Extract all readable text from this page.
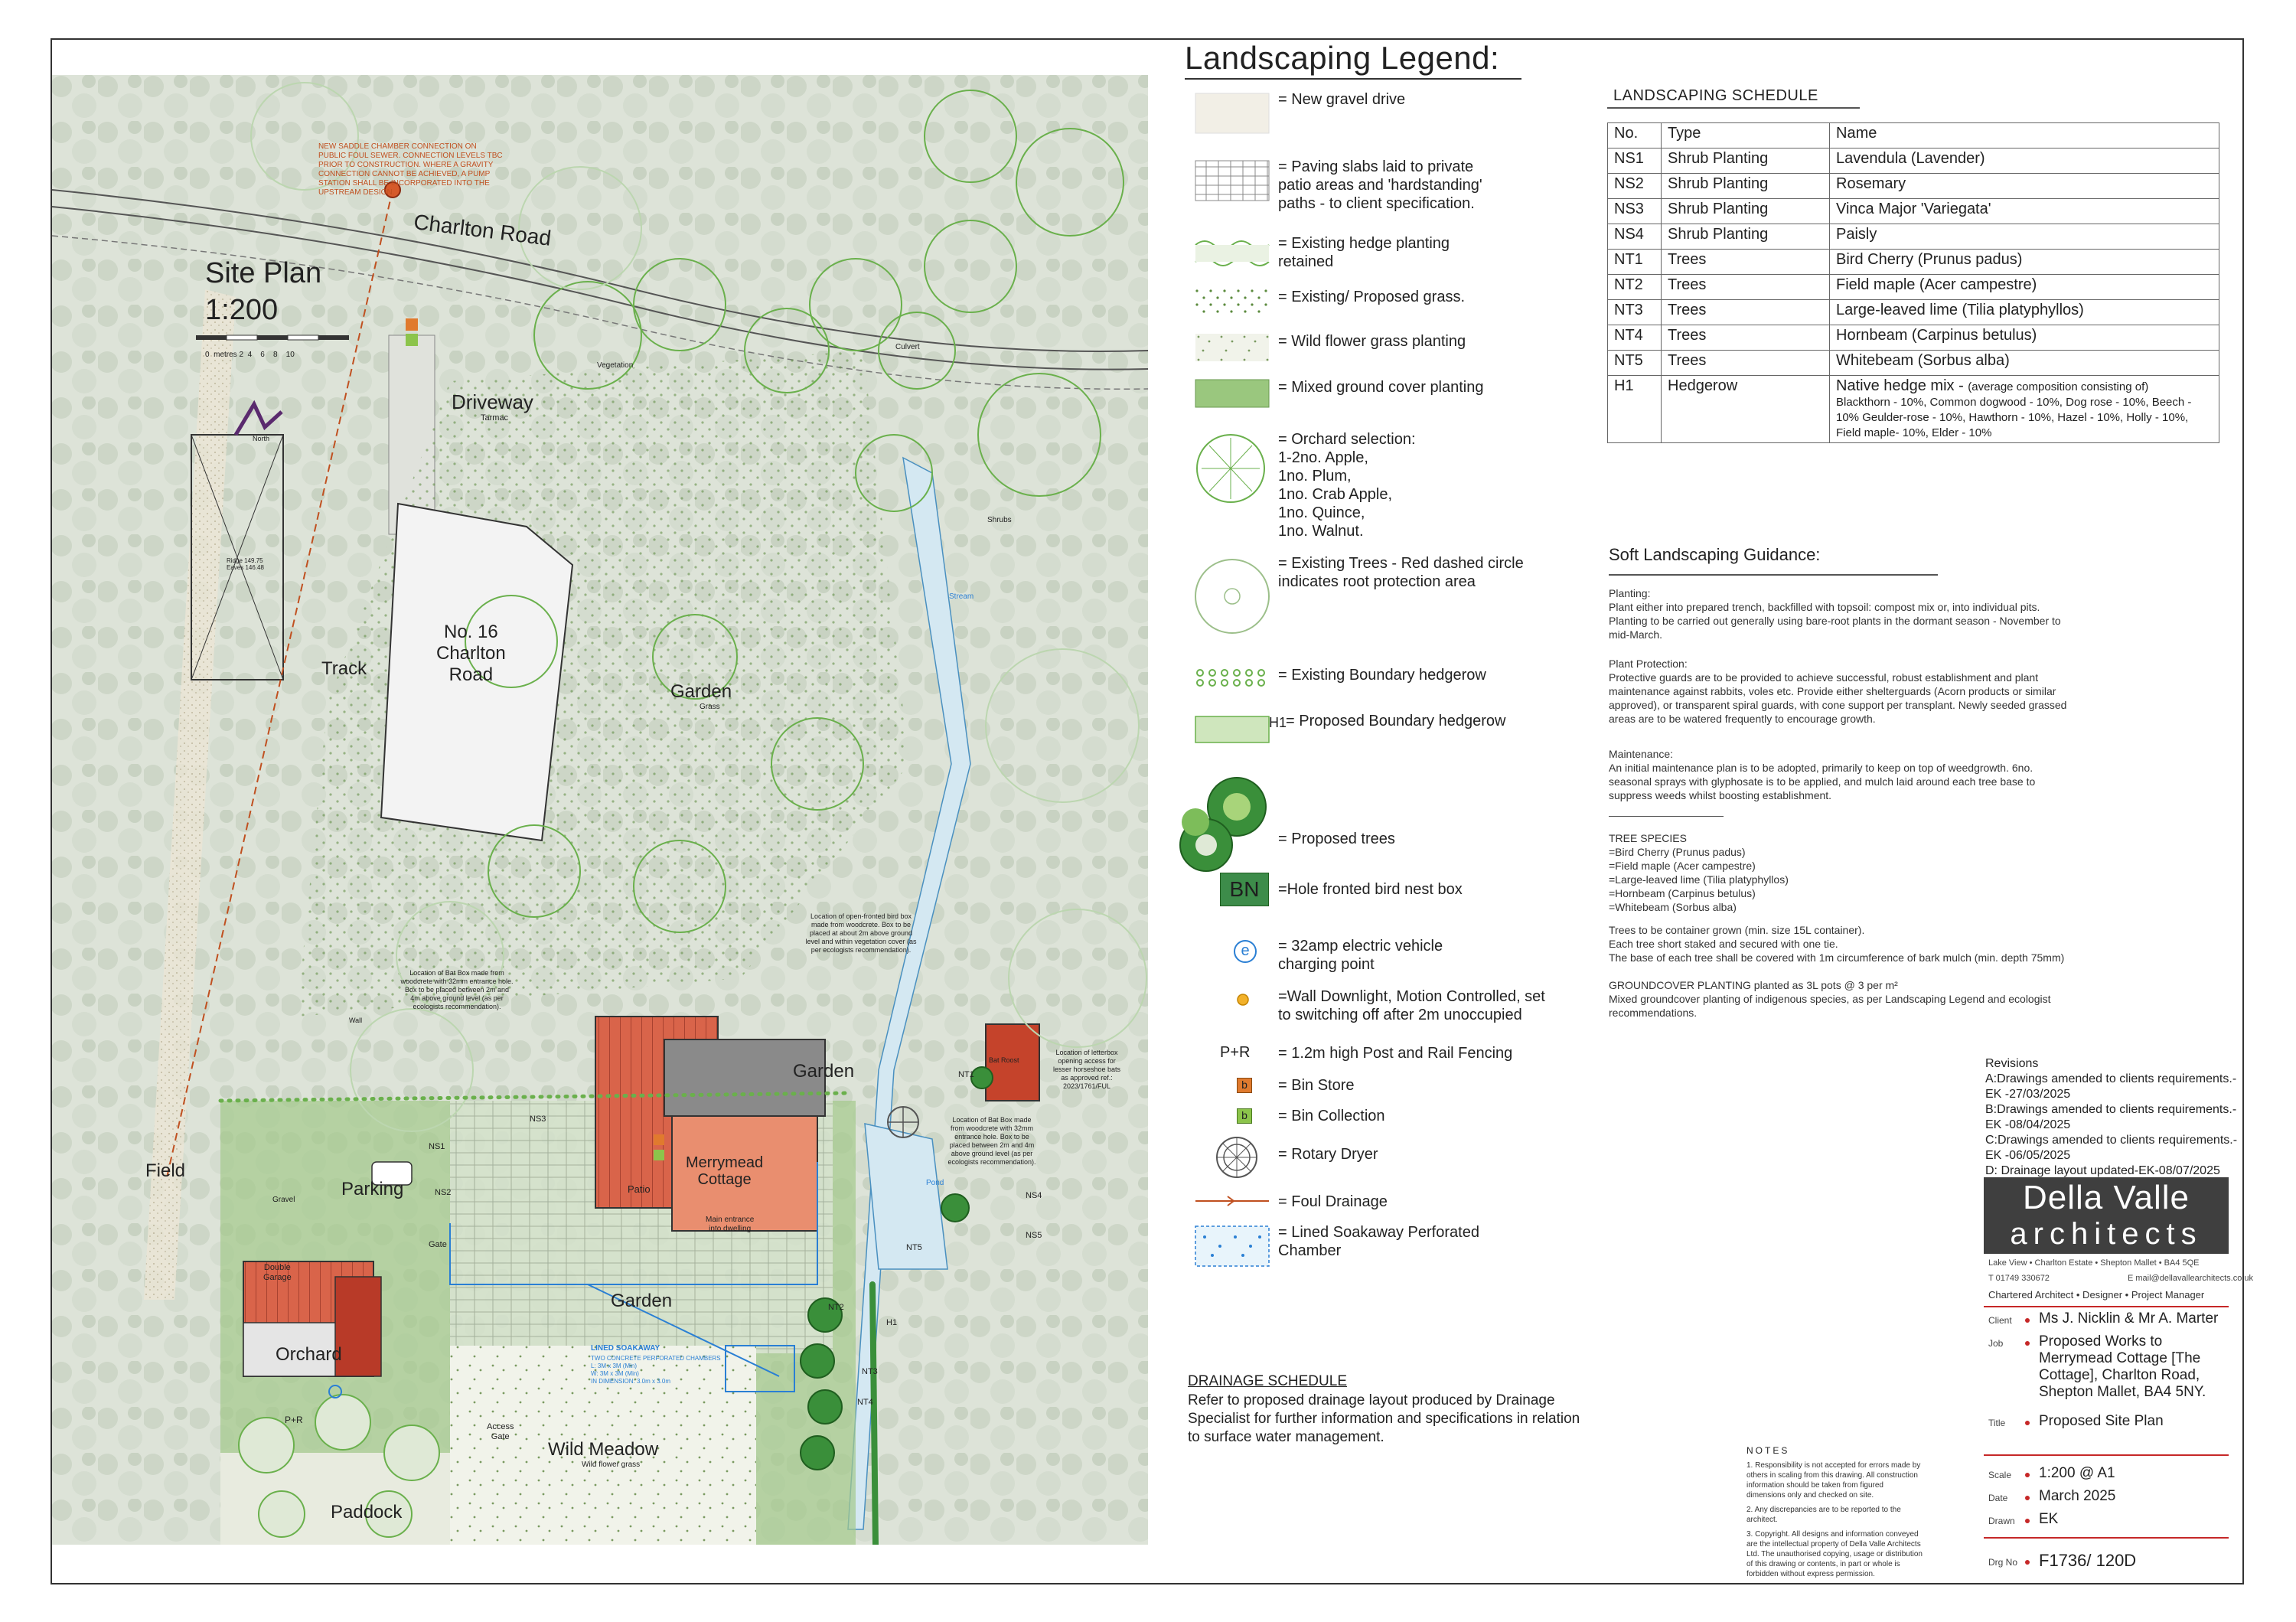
Site Plan
1:200
0 metres 2 4 6 8 10
North
Charlton Road
Driveway
Tarmac
Track
No. 16
Charlton
Road
Garden
Grass
Vegetation
Culvert
Stream
Shrubs
Pond
Field
Parking
Gravel
Merrymead
Cottage
Patio
Main entrance
into dwelling
Garden
Garden
Double
Garage
Orchard
Wild Meadow
Wild flower grass
Paddock
Access
Gate
Gate
P+R
Wall
Bat Roost
Ridge 149.75
Eaves 146.48
NEW SADDLE CHAMBER CONNECTION ON PUBLIC FOUL SEWER. CONNECTION LEVELS TBC PRIOR TO CONSTRUCTION. WHERE A GRAVITY CONNECTION CANNOT BE ACHIEVED, A PUMP STATION SHALL BE INCORPORATED INTO THE UPSTREAM DESIGN.
Location of Bat Box made from woodcrete with 32mm entrance hole. Box to be placed between 2m and 4m above ground level (as per ecologists recommendation).
Location of open-fronted bird box made from woodcrete. Box to be placed at about 2m above ground level and within vegetation cover (as per ecologists recommendation).
Location of letterbox opening access for lesser horseshoe bats as approved ref.: 2023/1761/FUL
Location of Bat Box made from woodcrete with 32mm entrance hole. Box to be placed between 2m and 4m above ground level (as per ecologists recommendation).
LINED SOAKAWAY
TWO CONCRETE PERFORATED CHAMBERS
L: 3M x 3M (Min)
W: 3M x 3M (Min)
IN DIMENSION: 3.0m x 3.0m
NS1
NS2
NS3
NT1
NT2
NT3
NT4
NT5
NS4
H1
NS5
Landscaping Legend:
= New gravel drive
= Paving slabs laid to private
patio areas and 'hardstanding'
paths - to client specification.
= Existing hedge planting
retained
= Existing/ Proposed grass.
= Wild flower grass planting
= Mixed ground cover planting
= Orchard selection:
1-2no. Apple,
1no. Plum,
1no. Crab Apple,
1no. Quince,
1no. Walnut.
= Existing Trees - Red dashed circle
indicates root protection area
= Existing Boundary hedgerow
H1
= Proposed Boundary hedgerow
= Proposed trees
BN	=Hole fronted bird nest box
e	= 32amp electric vehicle
charging point
=Wall Downlight, Motion Controlled, set
to switching off after 2m unoccupied
P+R = 1.2m high Post and Rail Fencing
b	= Bin Store
b	= Bin Collection
= Rotary Dryer
= Foul Drainage
= Lined Soakaway Perforated
Chamber
LANDSCAPING SCHEDULE
No.	Type	Name
NS1	Shrub Planting	Lavendula (Lavender)
NS2	Shrub Planting	Rosemary
NS3	Shrub Planting	Vinca Major 'Variegata'
NS4	Shrub Planting	Paisly
NT1	Trees	Bird Cherry (Prunus padus)
NT2	Trees	Field maple (Acer campestre)
NT3	Trees	Large-leaved lime (Tilia platyphyllos)
NT4	Trees	Hornbeam (Carpinus betulus)
NT5	Trees	Whitebeam (Sorbus alba)
H1	Hedgerow	Native hedge mix - (average composition consisting of)
Blackthorn - 10%, Common dogwood - 10%, Dog rose - 10%, Beech - 10% Geulder-rose - 10%, Hawthorn - 10%, Hazel - 10%, Holly - 10%, Field maple- 10%, Elder - 10%
Soft Landscaping Guidance:
Planting:
Plant either into prepared trench, backfilled with topsoil: compost mix or, into individual pits. Planting to be carried out generally using bare-root plants in the dormant season - November to mid-March.
Plant Protection:
Protective guards are to be provided to achieve successful, robust establishment and plant maintenance against rabbits, voles etc. Provide either shelterguards (Acorn products or similar approved), or transparent spiral guards, with cone support per transplant. Newly seeded grassed areas are to be watered frequently to encourage growth.
Maintenance:
An initial maintenance plan is to be adopted, primarily to keep on top of weedgrowth. 6no. seasonal sprays with glyphosate is to be applied, and mulch laid around each tree base to suppress weeds whilst boosting establishment.
TREE SPECIES
=Bird Cherry (Prunus padus)
=Field maple (Acer campestre)
=Large-leaved lime (Tilia platyphyllos)
=Hornbeam (Carpinus betulus)
=Whitebeam (Sorbus alba)
Trees to be container grown (min. size 15L container).
Each tree short staked and secured with one tie.
The base of each tree shall be covered with 1m circumference of bark mulch (min. depth 75mm)
GROUNDCOVER PLANTING planted as 3L pots @ 3 per m²
Mixed groundcover planting of indigenous species, as per Landscaping Legend and ecologist recommendations.
DRAINAGE SCHEDULE
Refer to proposed drainage layout produced by Drainage Specialist for further information and specifications in relation to surface water management.
NOTES
1. Responsibility is not accepted for errors made by others in scaling from this drawing. All construction information should be taken from figured dimensions only and checked on site.
2. Any discrepancies are to be reported to the architect.
3. Copyright. All designs and information conveyed are the intellectual property of Della Valle Architects Ltd. The unauthorised copying, usage or distribution of this drawing or contents, in part or whole is forbidden without express permission.
Revisions
A:Drawings amended to clients requirements.-EK -27/03/2025
B:Drawings amended to clients requirements.-EK -08/04/2025
C:Drawings amended to clients requirements.-EK -06/05/2025
D: Drainage layout updated-EK-08/07/2025
Della Valle
architects
Lake View • Charlton Estate • Shepton Mallet • BA4 5QE
T 01749 330672	E mail@dellavallearchitects.co.uk
Chartered Architect • Designer • Project Manager
Client Ms J. Nicklin & Mr A. Marter
Job Proposed Works to Merrymead Cottage [The Cottage], Charlton Road, Shepton Mallet, BA4 5NY.
Title Proposed Site Plan
Scale 1:200 @ A1
Date March 2025
Drawn EK
Drg No F1736/ 120D
